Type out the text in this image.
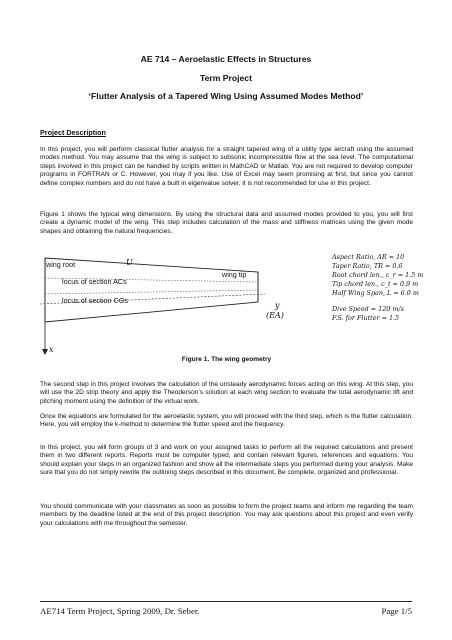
AE 714 – Aeroelastic Effects in Structures
Term Project
‘Flutter Analysis of a Tapered Wing Using Assumed Modes Method’
Project Description

In this project, you will perform classical flutter analysis for a straight tapered wing of a utility type aircraft using the assumed modes method. You may assume that the wing is subject to subsonic incompressible flow at the sea level. The computational steps involved in this project can be handled by scripts written in MathCAD or Matlab. You are not required to develop computer programs in FORTRAN or C. However, you may if you like. Use of Excel may seem promising at first, but since you cannot define complex numbers and do not have a built in eigenvalue solver, it is not recommended for use in this project.

Figure 1 shows the typical wing dimensions. By using the structural data and assumed modes provided to you, you will first create a dynamic model of the wing. This step includes calculation of the mass and stiffness matrices using the given mode shapes and obtaining the natural frequencies.

wing root	U
locus of section ACs
locus of section CGs
wing tip
y
(EA)
x
Aspect Ratio, AR = 10
Taper Ratio, TR = 0.6
Root chord len., c_r = 1.5 m
Tip chord len., c_t = 0.9 m
Half Wing Span, L = 6.0 m
Dive Speed = 120 m/s
F.S. for Flutter = 1.5
Figure 1. The wing geometry

The second step in this project involves the calculation of the unsteady aerodynamic forces acting on this wing. At this step, you will use the 2D strip theory and apply the Theoderson’s solution at each wing section to evaluate the total aerodynamic lift and pitching moment using the definition of the virtual work.

Once the equations are formulated for the aeroelastic system, you will proceed with the third step, which is the flutter calculation. Here, you will employ the k-method to determine the flutter speed and the frequency.

In this project, you will form groups of 3 and work on your assigned tasks to perform all the required calculations and present them in two different reports. Reports must be computer typed, and contain relevant figures, references and equations. You should explain your steps in an organized fashion and show all the intermediate steps you performed during your analysis. Make sure that you do not simply rewrite the outlining steps described in this document. Be complete, organized and professional.

You should communicate with your classmates as soon as possible to form the project teams and inform me regarding the team members by the deadline listed at the end of this project description. You may ask questions about this project and even verify your calculations with me throughout the semester.

AE714 Term Project, Spring 2009, Dr. Seber.	Page 1/5
